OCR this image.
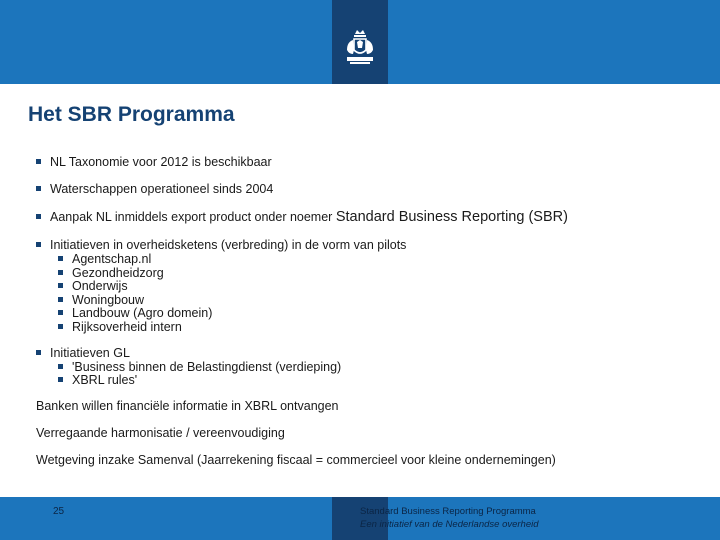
Het SBR Programma
NL Taxonomie voor 2012 is beschikbaar
Waterschappen operationeel sinds 2004
Aanpak NL inmiddels export product onder noemer Standard Business Reporting (SBR)
Initiatieven in overheidsketens (verbreding) in de vorm van pilots
Agentschap.nl
Gezondheidzorg
Onderwijs
Woningbouw
Landbouw (Agro domein)
Rijksoverheid intern
Initiatieven GL
'Business binnen de Belastingdienst (verdieping)
XBRL rules'
Banken willen financiële informatie in XBRL ontvangen
Verregaande harmonisatie / vereenvoudiging
Wetgeving inzake Samenval (Jaarrekening fiscaal = commercieel voor kleine ondernemingen)
25	Standard Business Reporting Programma
Een initiatief van de Nederlandse overheid
